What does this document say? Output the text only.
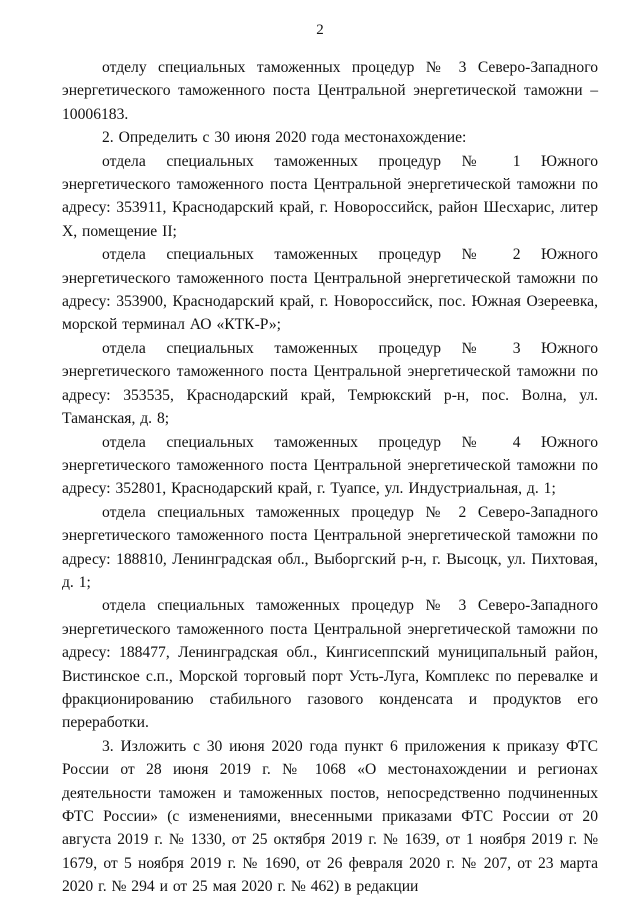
2

отделу специальных таможенных процедур № 3 Северо-Западного энергетического таможенного поста Центральной энергетической таможни – 10006183.

2. Определить с 30 июня 2020 года местонахождение:

отдела специальных таможенных процедур № 1 Южного энергетического таможенного поста Центральной энергетической таможни по адресу: 353911, Краснодарский край, г. Новороссийск, район Шесхарис, литер X, помещение II;

отдела специальных таможенных процедур № 2 Южного энергетического таможенного поста Центральной энергетической таможни по адресу: 353900, Краснодарский край, г. Новороссийск, пос. Южная Озереевка, морской терминал АО «КТК-Р»;

отдела специальных таможенных процедур № 3 Южного энергетического таможенного поста Центральной энергетической таможни по адресу: 353535, Краснодарский край, Темрюкский р-н, пос. Волна, ул. Таманская, д. 8;

отдела специальных таможенных процедур № 4 Южного энергетического таможенного поста Центральной энергетической таможни по адресу: 352801, Краснодарский край, г. Туапсе, ул. Индустриальная, д. 1;

отдела специальных таможенных процедур № 2 Северо-Западного энергетического таможенного поста Центральной энергетической таможни по адресу: 188810, Ленинградская обл., Выборгский р-н, г. Высоцк, ул. Пихтовая, д. 1;

отдела специальных таможенных процедур № 3 Северо-Западного энергетического таможенного поста Центральной энергетической таможни по адресу: 188477, Ленинградская обл., Кингисеппский муниципальный район, Вистинское с.п., Морской торговый порт Усть-Луга, Комплекс по перевалке и фракционированию стабильного газового конденсата и продуктов его переработки.

3. Изложить с 30 июня 2020 года пункт 6 приложения к приказу ФТС России от 28 июня 2019 г. № 1068 «О местонахождении и регионах деятельности таможен и таможенных постов, непосредственно подчиненных ФТС России» (с изменениями, внесенными приказами ФТС России от 20 августа 2019 г. № 1330, от 25 октября 2019 г. № 1639, от 1 ноября 2019 г. № 1679, от 5 ноября 2019 г. № 1690, от 26 февраля 2020 г. № 207, от 23 марта 2020 г. № 294 и от 25 мая 2020 г. № 462) в редакции
